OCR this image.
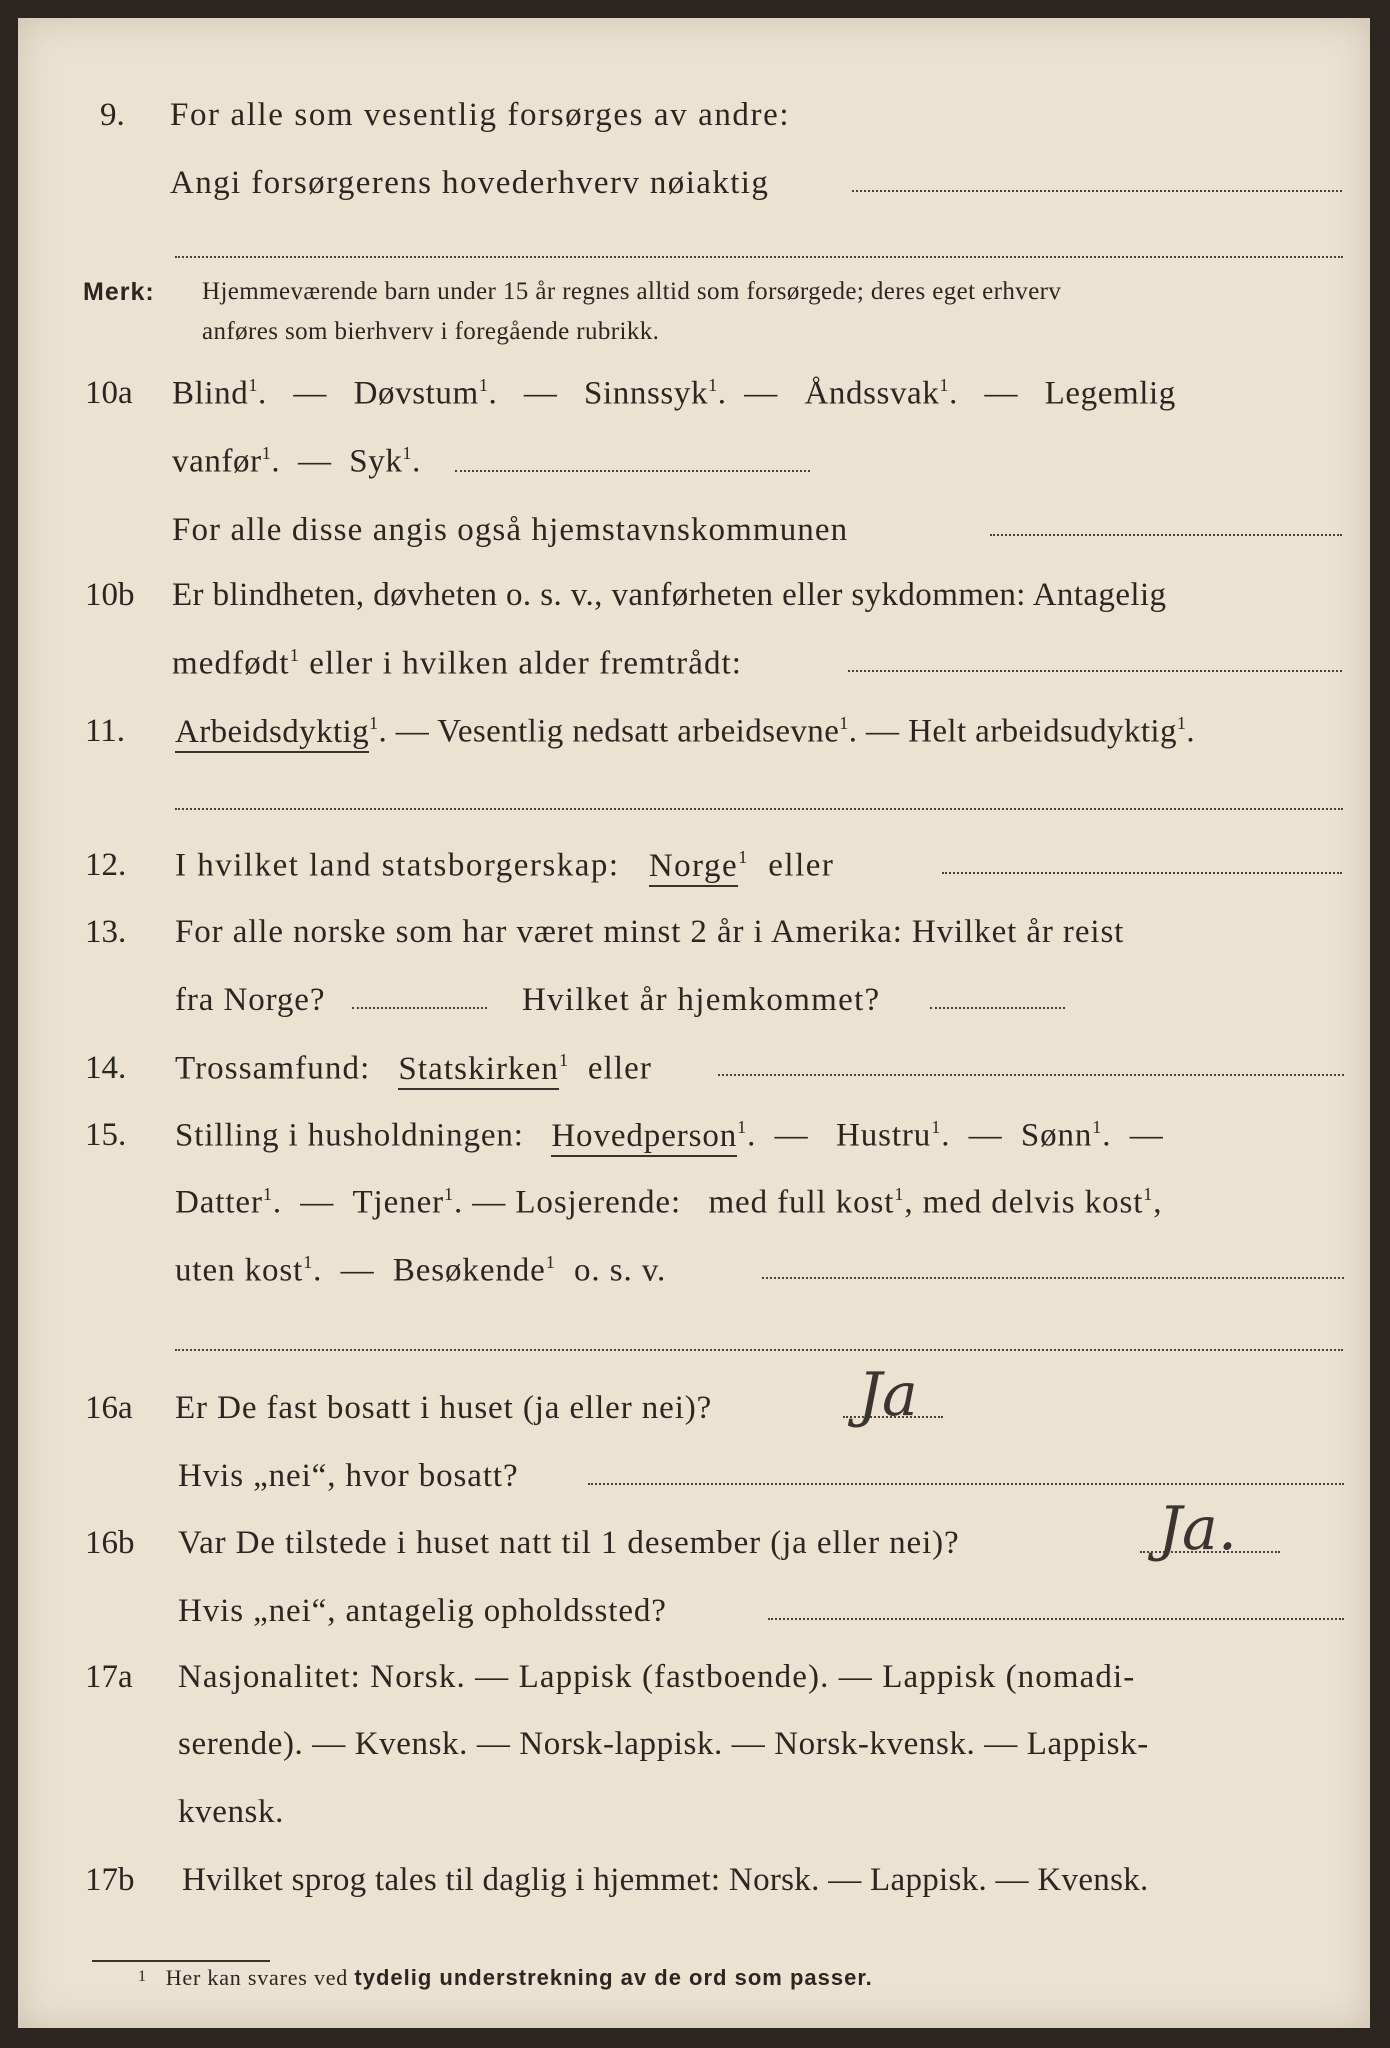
9. For alle som vesentlig forsørges av andre:
Angi forsørgerens hovederhverv nøiaktig
Merk: Hjemmeværende barn under 15 år regnes alltid som forsørgede; deres eget erhverv
anføres som bierhverv i foregående rubrikk.
10a Blind$^1$.   —   Døvstum$^1$.   —   Sinnssyk$^1$.  —   Åndssvak$^1$.   —   Legemlig
vanfør$^1$.  —  Syk$^1$.
For alle disse angis også hjemstavnskommunen
10b Er blindheten, døvheten o. s. v., vanførheten eller sykdommen: Antagelig
medfødt$^1$ eller i hvilken alder fremtrådt:
11. Arbeidsdyktig$^1$. — Vesentlig nedsatt arbeidsevne$^1$. — Helt arbeidsudyktig$^1$.
12. I hvilket land statsborgerskap: Norge$^1$ eller
13. For alle norske som har været minst 2 år i Amerika: Hvilket år reist
fra Norge?	Hvilket år hjemkommet?
14. Trossamfund: Statskirken$^1$ eller
15. Stilling i husholdningen: Hovedperson$^1$.  —   Hustru$^1$.  —  Sønn$^1$.  —
Datter$^1$.  —  Tjener$^1$. — Losjerende: med full kost$^1$, med delvis kost$^1$,
uten kost$^1$.  —  Besøkende$^1$ o. s. v.
16a Er De fast bosatt i huset (ja eller nei)? Ja
Hvis „nei“, hvor bosatt?
16b Var De tilstede i huset natt til 1 desember (ja eller nei)?	Ja.
Hvis „nei“, antagelig opholdssted?
17a Nasjonalitet: Norsk. — Lappisk (fastboende). — Lappisk (nomadi-
serende). — Kvensk. — Norsk-lappisk. — Norsk-kvensk. — Lappisk-
kvensk.
17b Hvilket sprog tales til daglig i hjemmet: Norsk. — Lappisk. — Kvensk.
1 Her kan svares ved tydelig understrekning av de ord som passer.
